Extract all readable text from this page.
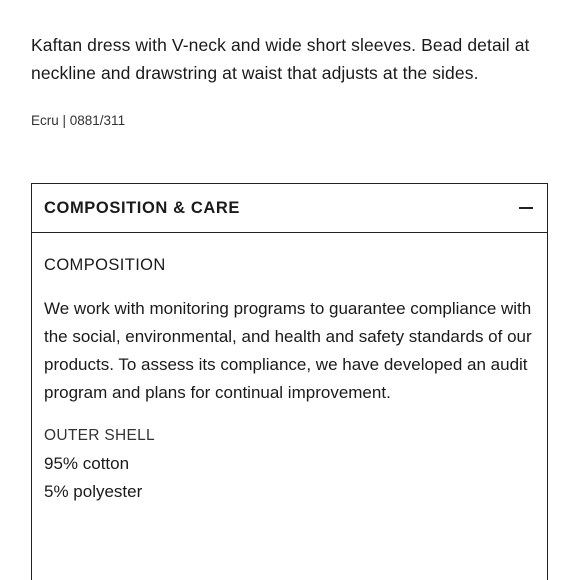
Kaftan dress with V-neck and wide short sleeves. Bead detail at neckline and drawstring at waist that adjusts at the sides.

Ecru | 0881/311

COMPOSITION & CARE

COMPOSITION

We work with monitoring programs to guarantee compliance with the social, environmental, and health and safety standards of our products. To assess its compliance, we have developed an audit program and plans for continual improvement.

OUTER SHELL

95% cotton

5% polyester
